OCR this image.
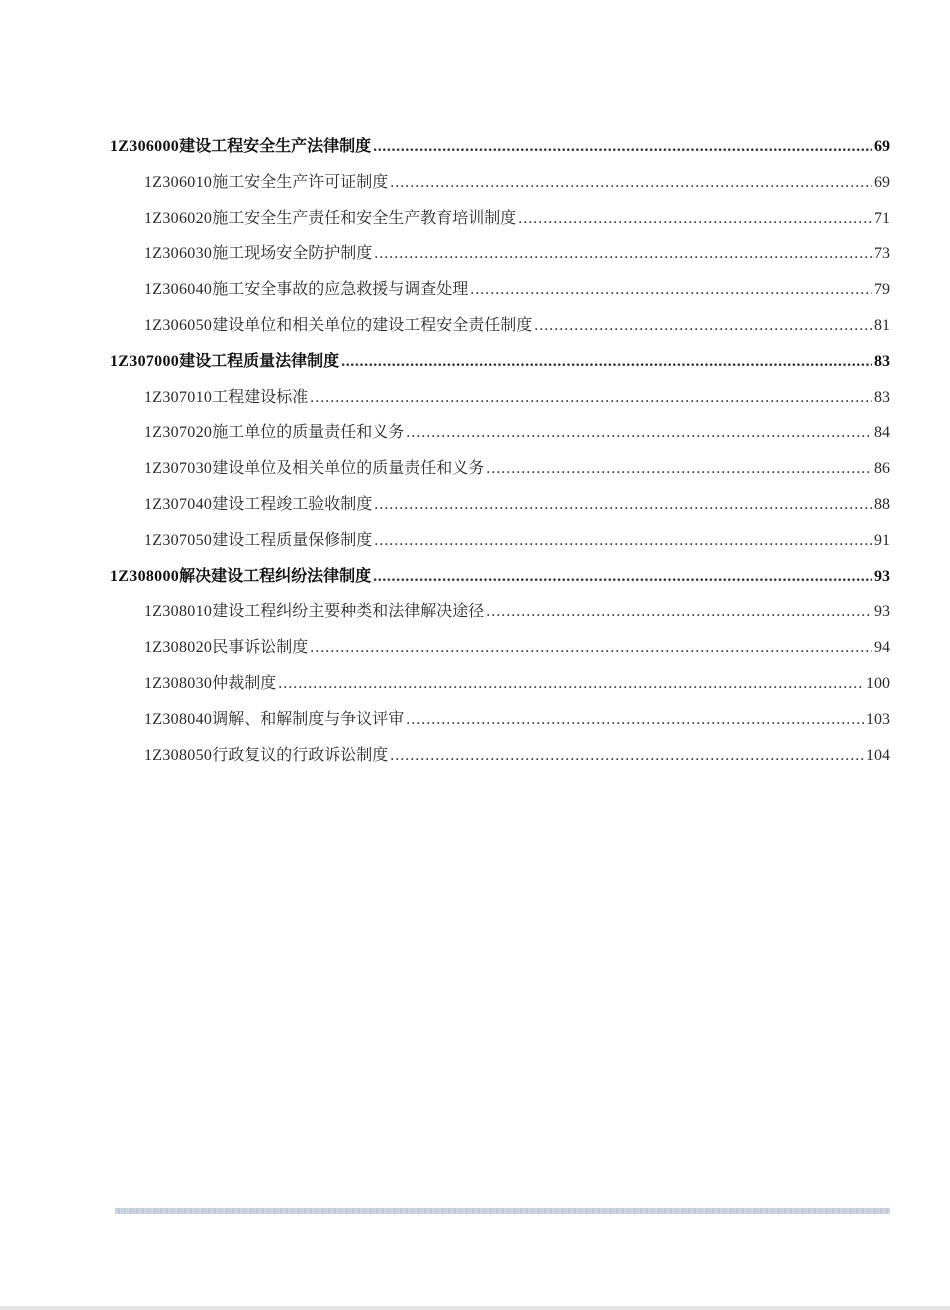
1Z306000 建设工程安全生产法律制度 .....	69
1Z306010 施工安全生产许可证制度 .....	69
1Z306020 施工安全生产责任和安全生产教育培训制度 .....	71
1Z306030 施工现场安全防护制度 .....	73
1Z306040 施工安全事故的应急救援与调查处理 .....	79
1Z306050 建设单位和相关单位的建设工程安全责任制度 .....	81
1Z307000 建设工程质量法律制度 .....	83
1Z307010 工程建设标准 .....	83
1Z307020 施工单位的质量责任和义务 .....	84
1Z307030 建设单位及相关单位的质量责任和义务 .....	86
1Z307040 建设工程竣工验收制度 .....	88
1Z307050 建设工程质量保修制度 .....	91
1Z308000 解决建设工程纠纷法律制度 .....	93
1Z308010 建设工程纠纷主要种类和法律解决途径 .....	93
1Z308020 民事诉讼制度 .....	94
1Z308030 仲裁制度 .....	100
1Z308040 调解、和解制度与争议评审 .....	103
1Z308050 行政复议的行政诉讼制度 .....	104
